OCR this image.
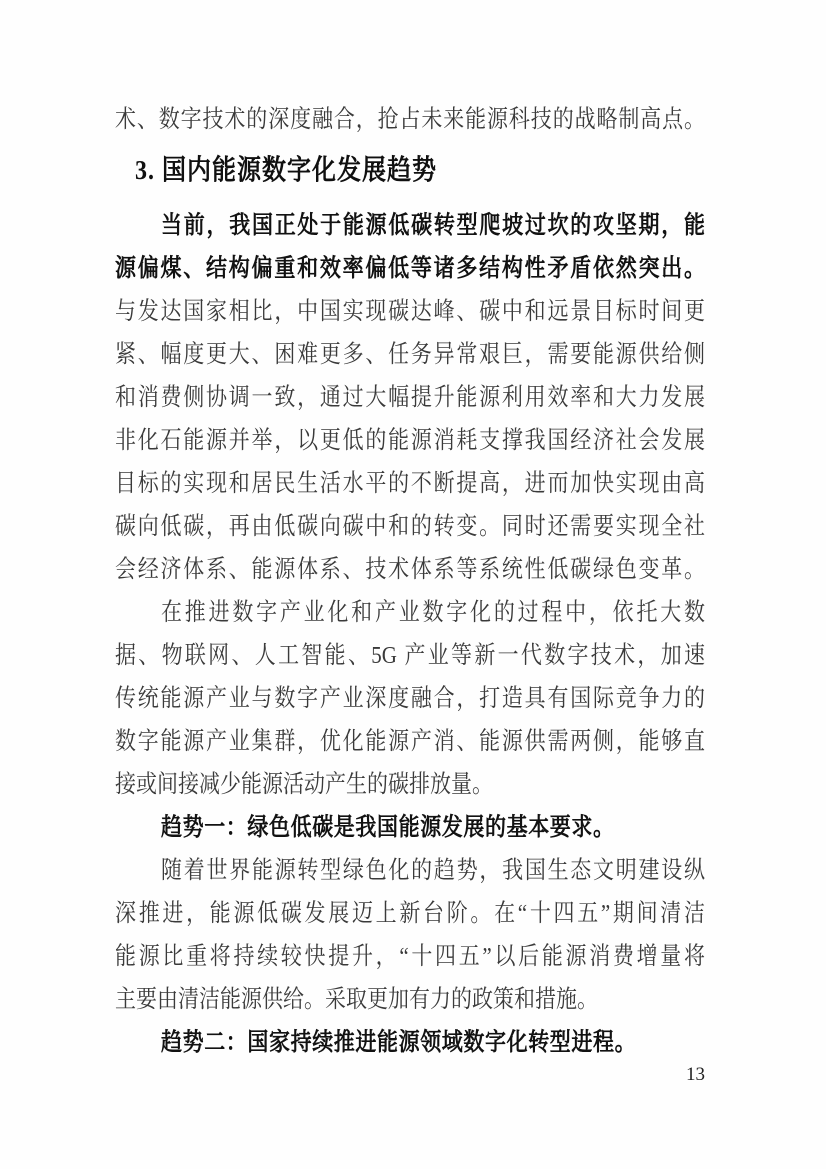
术、数字技术的深度融合，抢占未来能源科技的战略制高点。
3. 国内能源数字化发展趋势
当前，我国正处于能源低碳转型爬坡过坎的攻坚期，能
源偏煤、结构偏重和效率偏低等诸多结构性矛盾依然突出。
与发达国家相比，中国实现碳达峰、碳中和远景目标时间更
紧、幅度更大、困难更多、任务异常艰巨，需要能源供给侧
和消费侧协调一致，通过大幅提升能源利用效率和大力发展
非化石能源并举，以更低的能源消耗支撑我国经济社会发展
目标的实现和居民生活水平的不断提高，进而加快实现由高
碳向低碳，再由低碳向碳中和的转变。同时还需要实现全社
会经济体系、能源体系、技术体系等系统性低碳绿色变革。
在推进数字产业化和产业数字化的过程中，依托大数
据、物联网、人工智能、5G 产业等新一代数字技术，加速
传统能源产业与数字产业深度融合，打造具有国际竞争力的
数字能源产业集群，优化能源产消、能源供需两侧，能够直
接或间接减少能源活动产生的碳排放量。
趋势一：绿色低碳是我国能源发展的基本要求。
随着世界能源转型绿色化的趋势，我国生态文明建设纵
深推进，能源低碳发展迈上新台阶。在“十四五”期间清洁
能源比重将持续较快提升，“十四五”以后能源消费增量将
主要由清洁能源供给。采取更加有力的政策和措施。
趋势二：国家持续推进能源领域数字化转型进程。
13
